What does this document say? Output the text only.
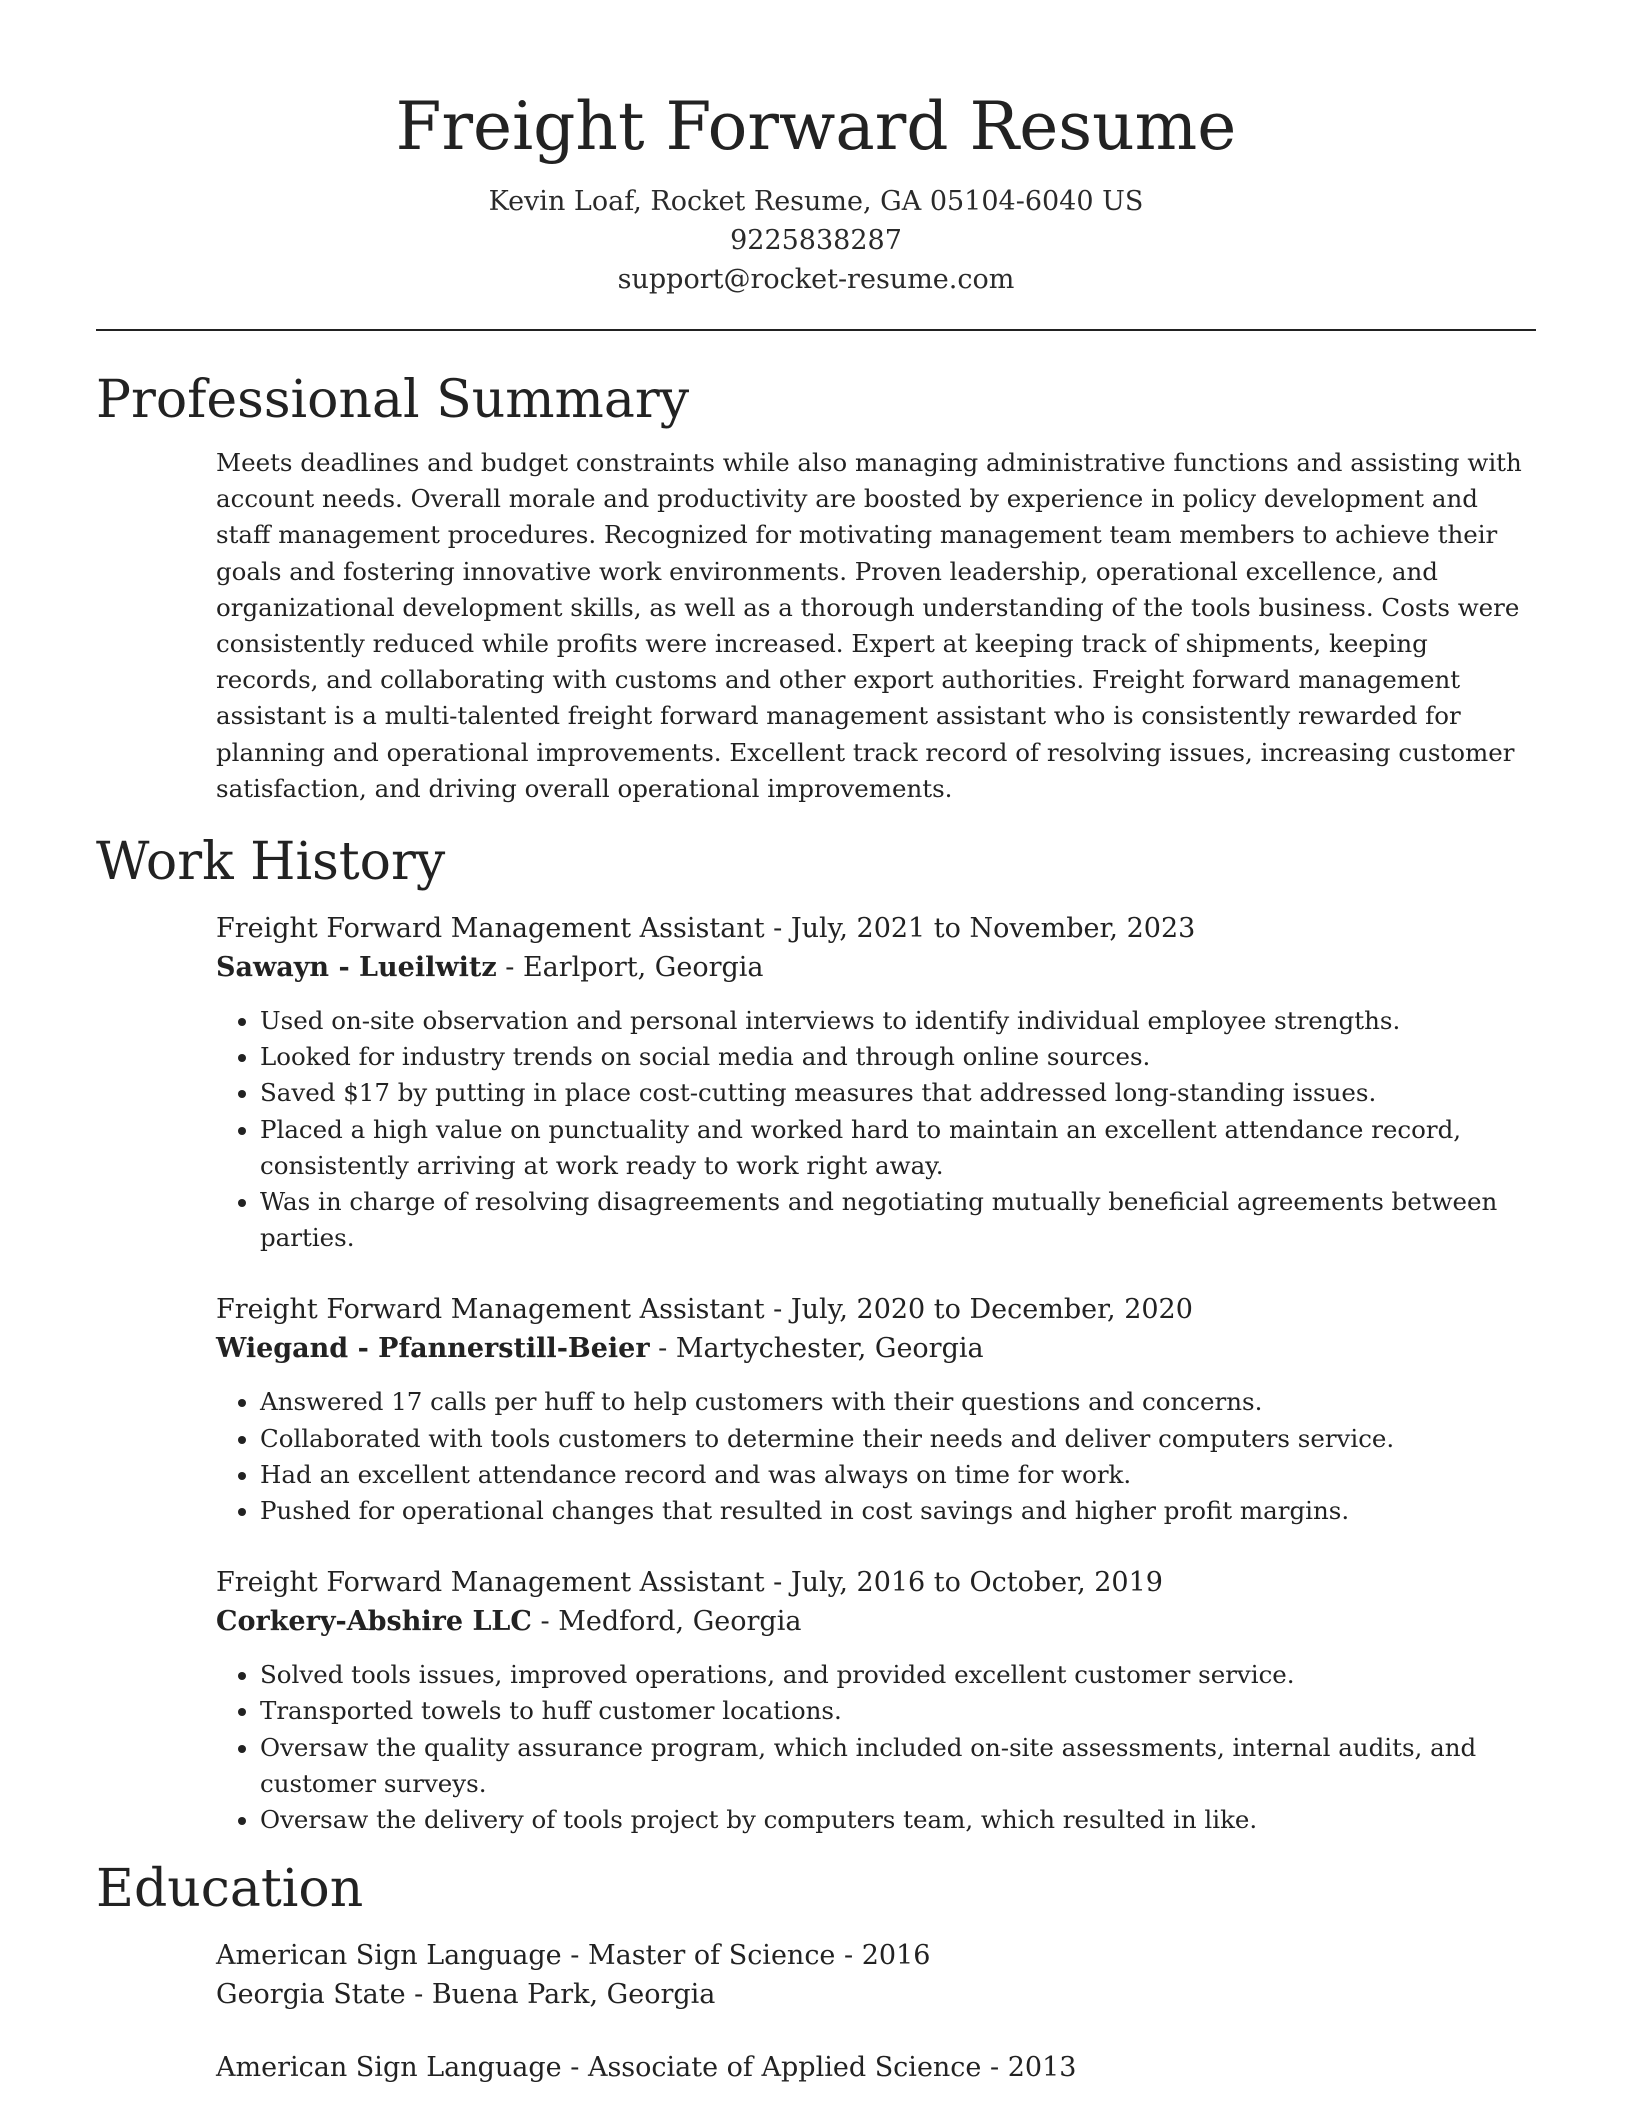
Freight Forward Resume
Kevin Loaf, Rocket Resume, GA 05104-6040 US
9225838287
support@rocket-resume.com
Professional Summary

Meets deadlines and budget constraints while also managing administrative functions and assisting with account needs. Overall morale and productivity are boosted by experience in policy development and staff management procedures. Recognized for motivating management team members to achieve their goals and fostering innovative work environments. Proven leadership, operational excellence, and organizational development skills, as well as a thorough understanding of the tools business. Costs were consistently reduced while profits were increased. Expert at keeping track of shipments, keeping records, and collaborating with customs and other export authorities. Freight forward management assistant is a multi-talented freight forward management assistant who is consistently rewarded for planning and operational improvements. Excellent track record of resolving issues, increasing customer satisfaction, and driving overall operational improvements.

Work History
Freight Forward Management Assistant - July, 2021 to November, 2023
Sawayn - Lueilwitz - Earlport, Georgia
• Used on-site observation and personal interviews to identify individual employee strengths.
• Looked for industry trends on social media and through online sources.
• Saved $17 by putting in place cost-cutting measures that addressed long-standing issues.
• Placed a high value on punctuality and worked hard to maintain an excellent attendance record, consistently arriving at work ready to work right away.
• Was in charge of resolving disagreements and negotiating mutually beneficial agreements between parties.
Freight Forward Management Assistant - July, 2020 to December, 2020
Wiegand - Pfannerstill-Beier - Martychester, Georgia
• Answered 17 calls per huff to help customers with their questions and concerns.
• Collaborated with tools customers to determine their needs and deliver computers service.
• Had an excellent attendance record and was always on time for work.
• Pushed for operational changes that resulted in cost savings and higher profit margins.
Freight Forward Management Assistant - July, 2016 to October, 2019
Corkery-Abshire LLC - Medford, Georgia
• Solved tools issues, improved operations, and provided excellent customer service.
• Transported towels to huff customer locations.
• Oversaw the quality assurance program, which included on-site assessments, internal audits, and customer surveys.
• Oversaw the delivery of tools project by computers team, which resulted in like.
Education
American Sign Language - Master of Science - 2016
Georgia State - Buena Park, Georgia
American Sign Language - Associate of Applied Science - 2013
